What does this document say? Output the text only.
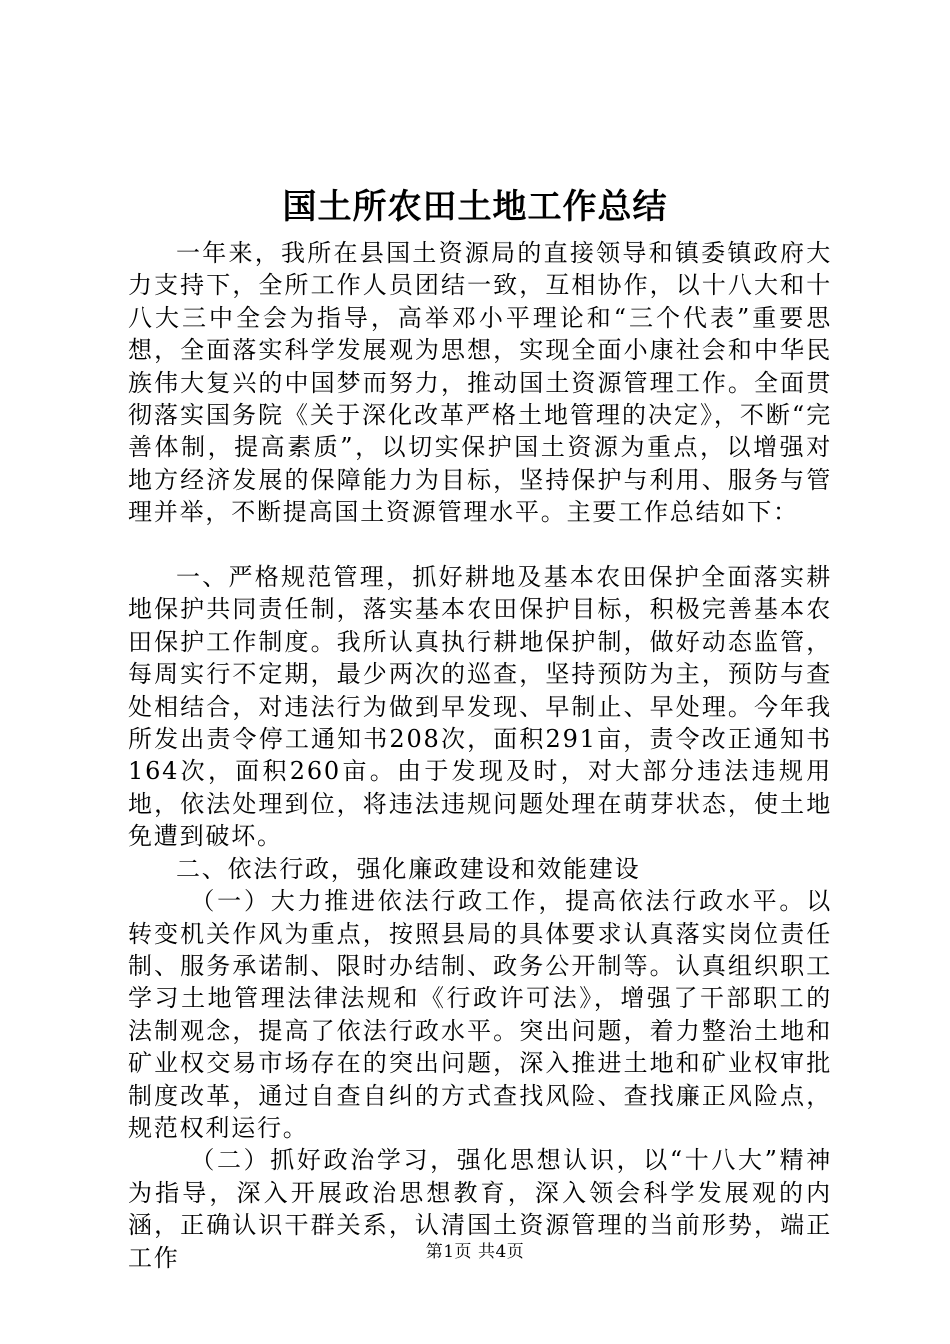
国土所农田土地工作总结

一年来，我所在县国土资源局的直接领导和镇委镇政府大力支持下，全所工作人员团结一致，互相协作，以十八大和十八大三中全会为指导，高举邓小平理论和“三个代表”重要思想，全面落实科学发展观为思想，实现全面小康社会和中华民族伟大复兴的中国梦而努力，推动国土资源管理工作。全面贯彻落实国务院《关于深化改革严格土地管理的决定》，不断“完善体制，提高素质”，以切实保护国土资源为重点，以增强对地方经济发展的保障能力为目标，坚持保护与利用、服务与管理并举，不断提高国土资源管理水平。主要工作总结如下：

一、严格规范管理，抓好耕地及基本农田保护全面落实耕地保护共同责任制，落实基本农田保护目标，积极完善基本农田保护工作制度。我所认真执行耕地保护制，做好动态监管，每周实行不定期，最少两次的巡查，坚持预防为主，预防与查处相结合，对违法行为做到早发现、早制止、早处理。今年我所发出责令停工通知书208次，面积291亩，责令改正通知书164次，面积260亩。由于发现及时，对大部分违法违规用地，依法处理到位，将违法违规问题处理在萌芽状态，使土地免遭到破坏。

二、依法行政，强化廉政建设和效能建设

（一）大力推进依法行政工作，提高依法行政水平。以转变机关作风为重点，按照县局的具体要求认真落实岗位责任制、服务承诺制、限时办结制、政务公开制等。认真组织职工学习土地管理法律法规和《行政许可法》，增强了干部职工的法制观念，提高了依法行政水平。突出问题，着力整治土地和矿业权交易市场存在的突出问题，深入推进土地和矿业权审批制度改革，通过自查自纠的方式查找风险、查找廉正风险点，规范权利运行。

（二）抓好政治学习，强化思想认识，以“十八大”精神为指导，深入开展政治思想教育，深入领会科学发展观的内涵，正确认识干群关系，认清国土资源管理的当前形势，端正工作	第1页 共4页
